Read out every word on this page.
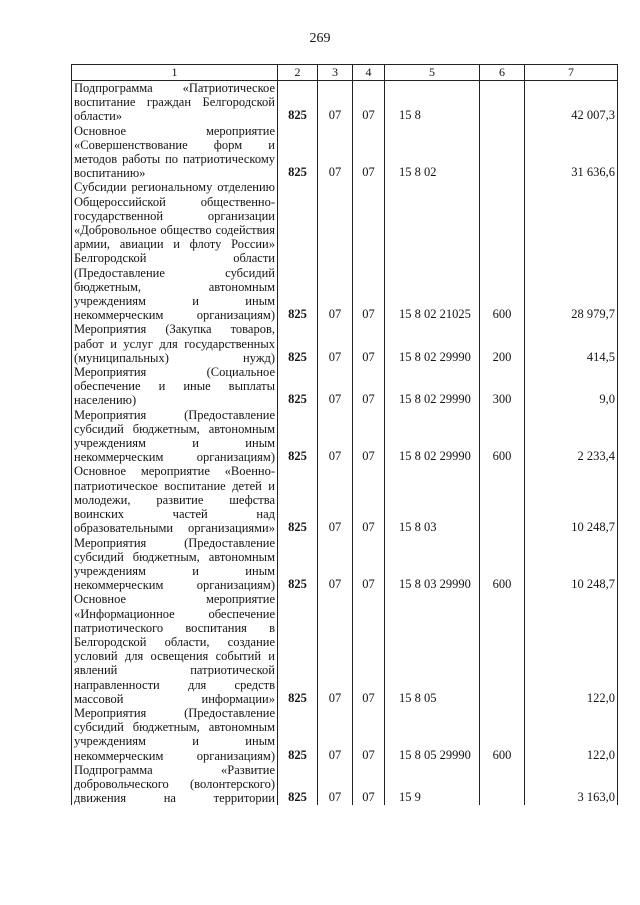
269
1	2	3	4	5	6	7
Подпрограмма «Патриотическое воспитание граждан Белгородской области»	825	07	07	15 8		42 007,3
Основное мероприятие «Совершенствование форм и методов работы по патриотическому воспитанию»	825	07	07	15 8 02		31 636,6
Субсидии региональному отделению Общероссийской общественно-государственной организации «Добровольное общество содействия армии, авиации и флоту России» Белгородской области (Предоставление субсидий бюджетным, автономным учреждениям и иным некоммерческим организациям)	825	07	07	15 8 02 21025	600	28 979,7
Мероприятия (Закупка товаров, работ и услуг для государственных (муниципальных) нужд)	825	07	07	15 8 02 29990	200	414,5
Мероприятия (Социальное обеспечение и иные выплаты населению)	825	07	07	15 8 02 29990	300	9,0
Мероприятия (Предоставление субсидий бюджетным, автономным учреждениям и иным некоммерческим организациям)	825	07	07	15 8 02 29990	600	2 233,4
Основное мероприятие «Военно-патриотическое воспитание детей и молодежи, развитие шефства воинских частей над образовательными организациями»	825	07	07	15 8 03		10 248,7
Мероприятия (Предоставление субсидий бюджетным, автономным учреждениям и иным некоммерческим организациям)	825	07	07	15 8 03 29990	600	10 248,7
Основное мероприятие «Информационное обеспечение патриотического воспитания в Белгородской области, создание условий для освещения событий и явлений патриотической направленности для средств массовой информации»	825	07	07	15 8 05		122,0
Мероприятия (Предоставление субсидий бюджетным, автономным учреждениям и иным некоммерческим организациям)	825	07	07	15 8 05 29990	600	122,0
Подпрограмма «Развитие добровольческого (волонтерского) движения на территории	825	07	07	15 9		3 163,0
